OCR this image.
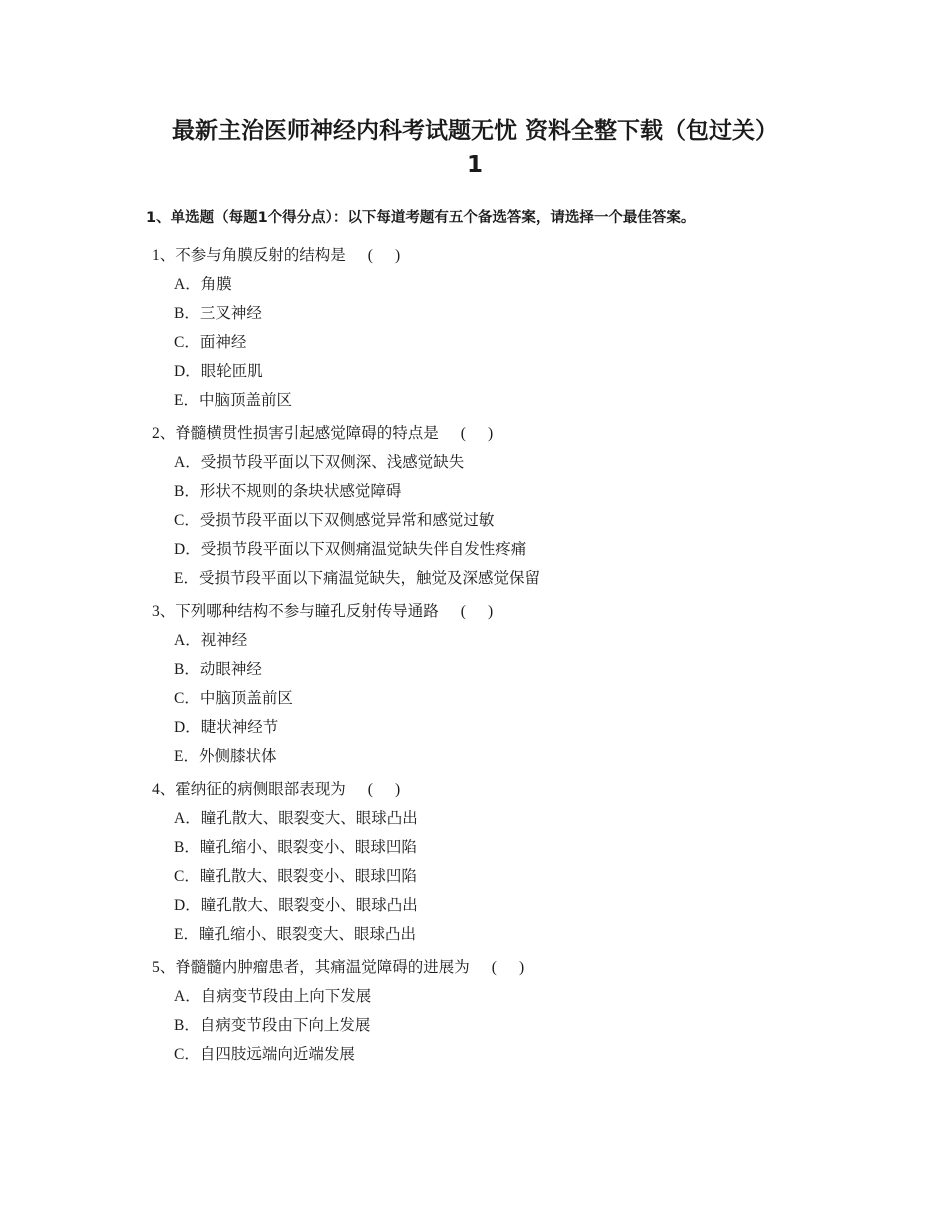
最新主治医师神经内科考试题无忧 资料全整下载（包过关）
1
1、单选题（每题1个得分点）：以下每道考题有五个备选答案，请选择一个最佳答案。
1、不参与角膜反射的结构是 ( )
A．角膜
B．三叉神经
C．面神经
D．眼轮匝肌
E．中脑顶盖前区
2、脊髓横贯性损害引起感觉障碍的特点是 ( )
A．受损节段平面以下双侧深、浅感觉缺失
B．形状不规则的条块状感觉障碍
C．受损节段平面以下双侧感觉异常和感觉过敏
D．受损节段平面以下双侧痛温觉缺失伴自发性疼痛
E．受损节段平面以下痛温觉缺失，触觉及深感觉保留
3、下列哪种结构不参与瞳孔反射传导通路 ( )
A．视神经
B．动眼神经
C．中脑顶盖前区
D．睫状神经节
E．外侧膝状体
4、霍纳征的病侧眼部表现为 ( )
A．瞳孔散大、眼裂变大、眼球凸出
B．瞳孔缩小、眼裂变小、眼球凹陷
C．瞳孔散大、眼裂变小、眼球凹陷
D．瞳孔散大、眼裂变小、眼球凸出
E．瞳孔缩小、眼裂变大、眼球凸出
5、脊髓髓内肿瘤患者，其痛温觉障碍的进展为 ( )
A．自病变节段由上向下发展
B．自病变节段由下向上发展
C．自四肢远端向近端发展
